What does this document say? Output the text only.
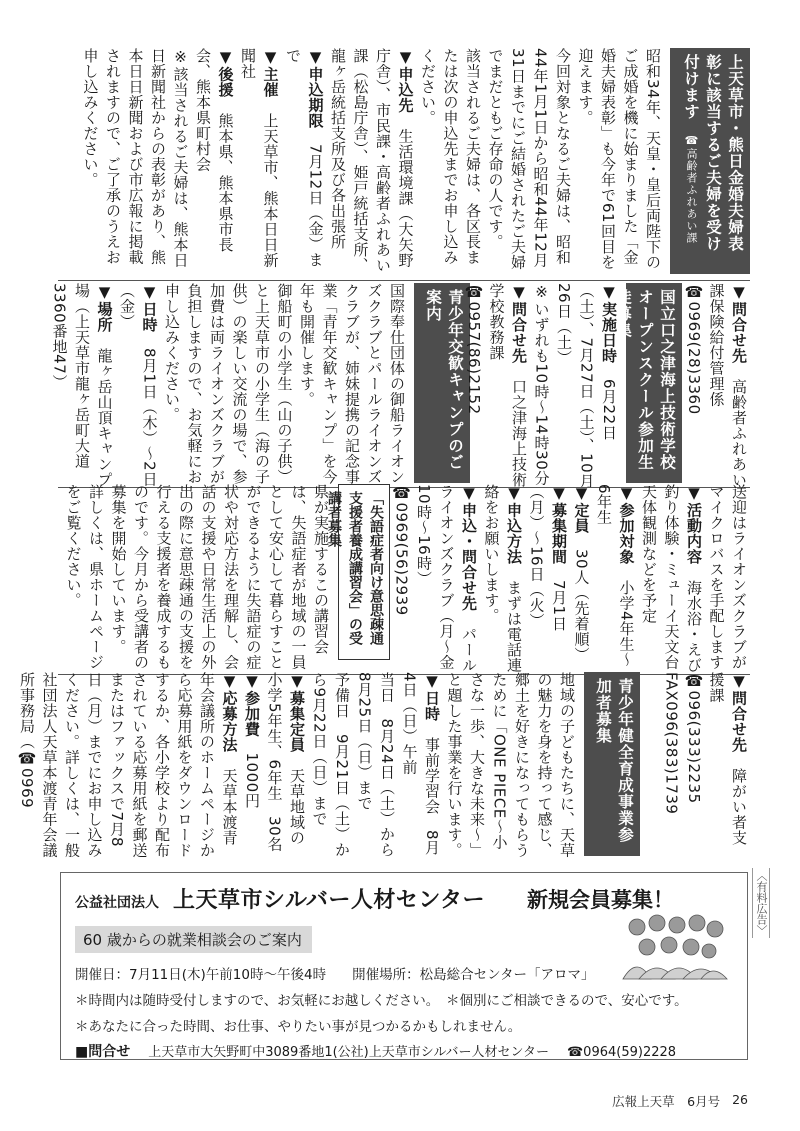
上天草市・熊日金婚夫婦表彰に該当するご夫婦を受け付けます ☎高齢者ふれあい課

昭和34年、天皇・皇后両陛下のご成婚を機に始まりました「金婚夫婦表彰」も今年で61回目を迎えます。

今回対象となるご夫婦は、昭和44年1月1日から昭和44年12月31日までにご結婚されたご夫婦でまだともご存命の人です。

該当されるご夫婦は、各区長または次の申込先までお申し込みください。

▼申込先　生活環境課（大矢野庁舎）、市民課・高齢者ふれあい課（松島庁舎）、姫戸統括支所、龍ヶ岳統括支所及び各出張所

▼申込期限　7月12日（金）まで

▼主催　上天草市、熊本日日新聞社

▼後援　熊本県、熊本県市長会、熊本県町村会

※該当されるご夫婦は、熊本日日新聞社からの表彰があり、熊本日日新聞および市広報に掲載されますので、ご了承のうえお申し込みください。

▼問合せ先　高齢者ふれあい課保険給付管理係

☎0969(28)3360

国立口之津海上技術学校オープンスクール参加生徒募集

▼実施日時　6月22日（土）、7月27日（土）、10月26日（土）

※いずれも10時〜14時30分

▼問合せ先　口之津海上技術学校教務課

☎0957(86)2152

青少年交歓キャンプのご案内

国際奉仕団体の御船ライオンズクラブとパールライオンズクラブが、姉妹提携の記念事業「青年交歓キャンプ」を今年も開催します。

御船町の小学生（山の子供）と上天草市の小学生（海の子供）の楽しい交流の場で、参加費は両ライオンズクラブが負担しますので、お気軽にお申し込みください。

▼日時　8月1日（木）〜2日（金）

▼場所　龍ヶ岳山頂キャンプ場（上天草市龍ヶ岳町大道3360番地47）

送迎はライオンズクラブがマイクロバスを手配します

▼活動内容　海水浴・えび釣り体験・ミューイ天文台天体観測などを予定

▼参加対象　小学4年生〜6年生

▼定員　30人（先着順）

▼募集期間　7月1日（月）〜16日（火）

▼申込方法　まずは電話連絡をお願いします。

▼申込・問合せ先　パールライオンズクラブ（月〜金10時〜16時）

☎0969(56)2939

「失語症者向け意思疎通支援者養成講習会」の受講者募集

県が実施するこの講習会は、失語症者が地域の一員として安心して暮らすことができるように失語症の症状や対応方法を理解し、会話の支援や日常生活上の外出の際に意思疎通の支援を行える支援者を養成するものです。今月から受講者の募集を開始しています。

詳しくは、県ホームページをご覧ください。

▼問合せ先　障がい者支援課

☎096(333)2235

FAX096(383)1739

青少年健全育成事業参加者募集

地域の子どもたちに、天草の魅力を身を持って感じ、郷土を好きになってもらうために「ONE PIECE〜小さな一歩、大きな未来〜」と題した事業を行います。

▼日時　事前学習会　8月4日（日）午前

当日　8月24日（土）から8月25日（日）まで

予備日　9月21日（土）から9月22日（日）まで

▼募集定員　天草地域の小学5年生、6年生　30名

▼参加費　1000円

▼応募方法　天草本渡青年会議所のホームページから応募用紙をダウンロードするか、各小学校より配布されている応募用紙を郵送またはファックスで7月8日（月）までにお申し込みください。詳しくは、一般社団法人天草本渡青年会議所事務局（☎0969

〈有料広告〉
公益社団法人 上天草市シルバー人材センター 新規会員募集！
60 歳からの就業相談会のご案内
開催日：7月11日(木)午前10時〜午後4時 開催場所：松島総合センター「アロマ」
＊時間内は随時受付しますので、お気軽にお越しください。　 ＊個別にご相談できるので、安心です。
＊あなたに合った時間、お仕事、やりたい事が見つかるかもしれません。
■問合せ 上天草市大矢野町中3089番地1(公社)上天草市シルバー人材センター ☎0964(59)2228
広報上天草　6月号 26
